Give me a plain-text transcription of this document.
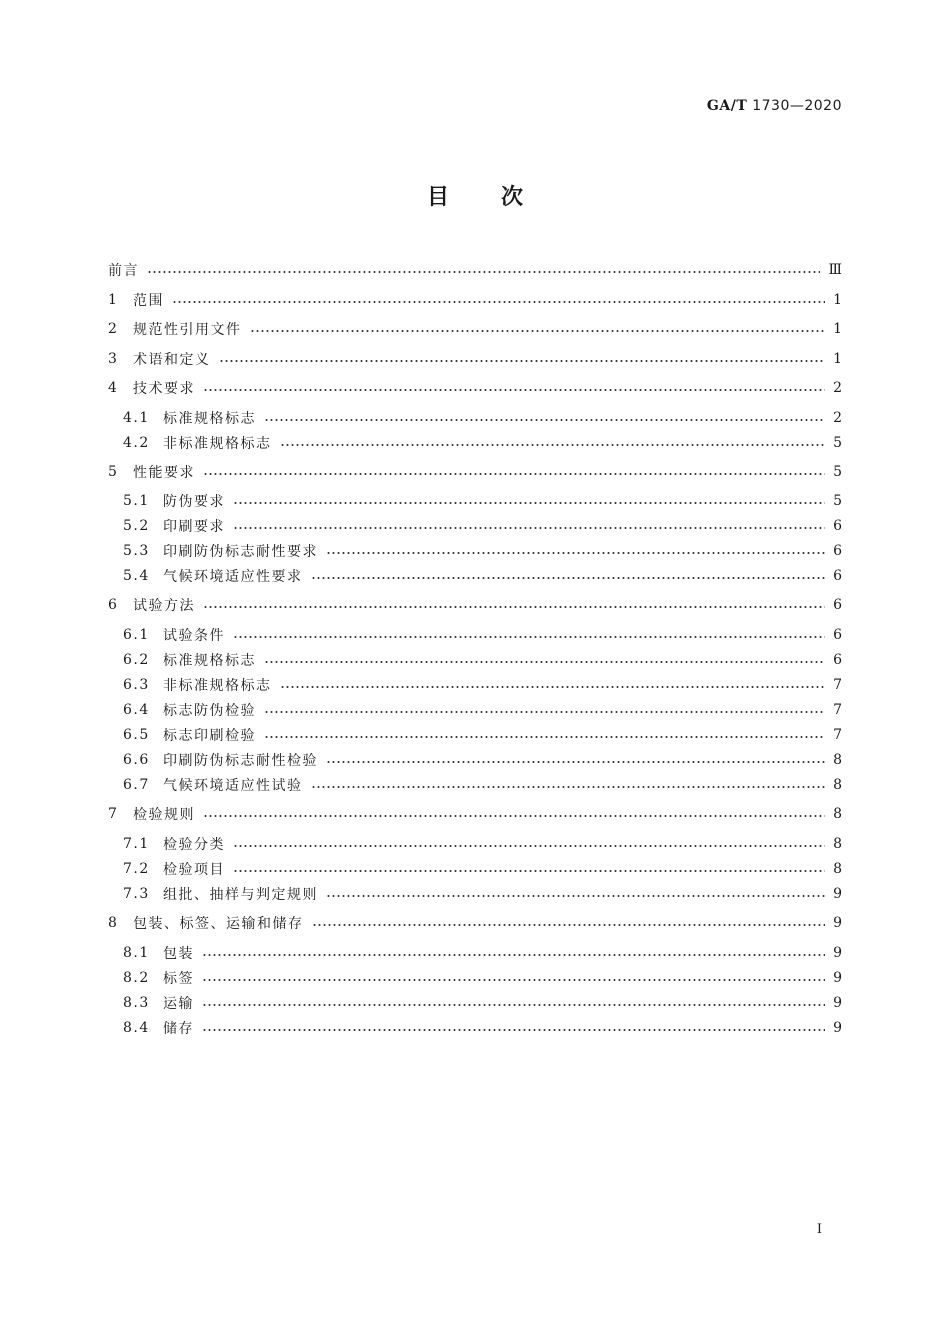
GA/T 1730—2020
目 次
前言	Ⅲ
1	范围	1
2	规范性引用文件	1
3	术语和定义	1
4	技术要求	2
4.1 标准规格标志	2
4.2 非标准规格标志	5
5	性能要求	5
5.1 防伪要求	5
5.2 印刷要求	6
5.3 印刷防伪标志耐性要求	6
5.4 气候环境适应性要求	6
6	试验方法	6
6.1 试验条件	6
6.2 标准规格标志	6
6.3 非标准规格标志	7
6.4 标志防伪检验	7
6.5 标志印刷检验	7
6.6 印刷防伪标志耐性检验	8
6.7 气候环境适应性试验	8
7	检验规则	8
7.1 检验分类	8
7.2 检验项目	8
7.3 组批、抽样与判定规则	9
8	包装、标签、运输和储存	9
8.1 包装	9
8.2 标签	9
8.3 运输	9
8.4 储存	9
I
